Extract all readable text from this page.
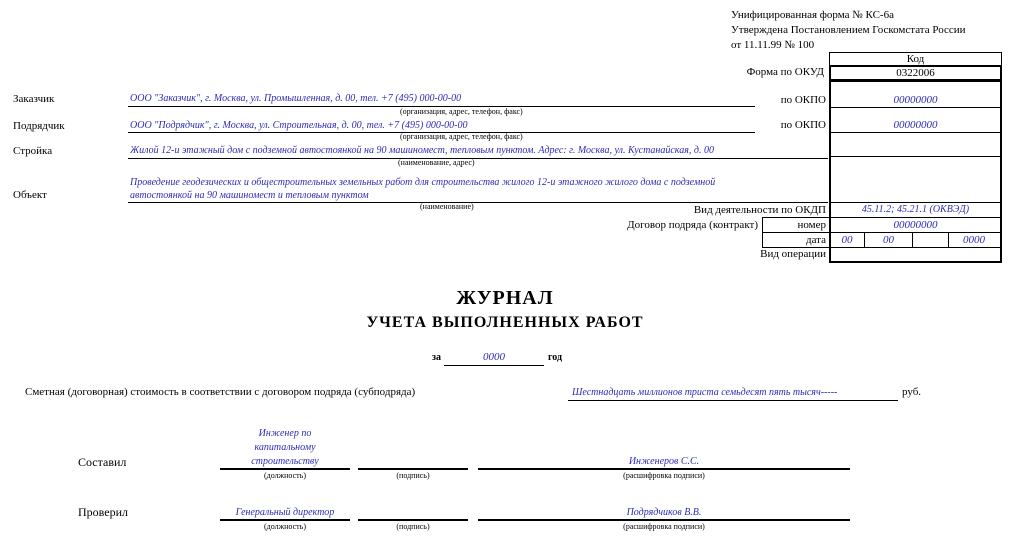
Унифицированная форма № КС-6а
Утверждена Постановлением Госкомстата России
от 11.11.99 № 100
Код
Форма по ОКУД	0322006
по ОКПО	00000000
по ОКПО	00000000
Вид деятельности по ОКДП	45.11.2; 45.21.1 (ОКВЭД)
Договор подряда (контракт)	номер	00000000
дата	00	00	0000
Вид операции
Заказчик	ООО "Заказчик", г. Москва, ул. Промышленная, д. 00, тел. +7 (495) 000-00-00
(организация, адрес, телефон, факс)
Подрядчик	ООО "Подрядчик", г. Москва, ул. Строительная, д. 00, тел. +7 (495) 000-00-00
(организация, адрес, телефон, факс)
Стройка	Жилой 12-и этажный дом с подземной автостоянкой на 90 машиномест, тепловым пунктом. Адрес: г. Москва, ул. Кустанайская, д. 00
(наименование, адрес)
Объект
Проведение геодезических и общестроительных земельных работ для строительства жилого 12-и этажного жилого дома с подземной
автостоянкой на 90 машиномест и тепловым пунктом
(наименование)
ЖУРНАЛ
УЧЕТА ВЫПОЛНЕННЫХ РАБОТ
за	0000	год
Сметная (договорная) стоимость в соответствии с договором подряда (субподряда)	Шестнадцать миллионов триста семьдесят пять тысяч-----	руб.
Составил
Инженер по
капитальному
строительству
(должность)	(подпись)
Инженеров С.С.
(расшифровка подписи)
Проверил	Генеральный директор
(должность)	(подпись)
Подрядчиков В.В.
(расшифровка подписи)
